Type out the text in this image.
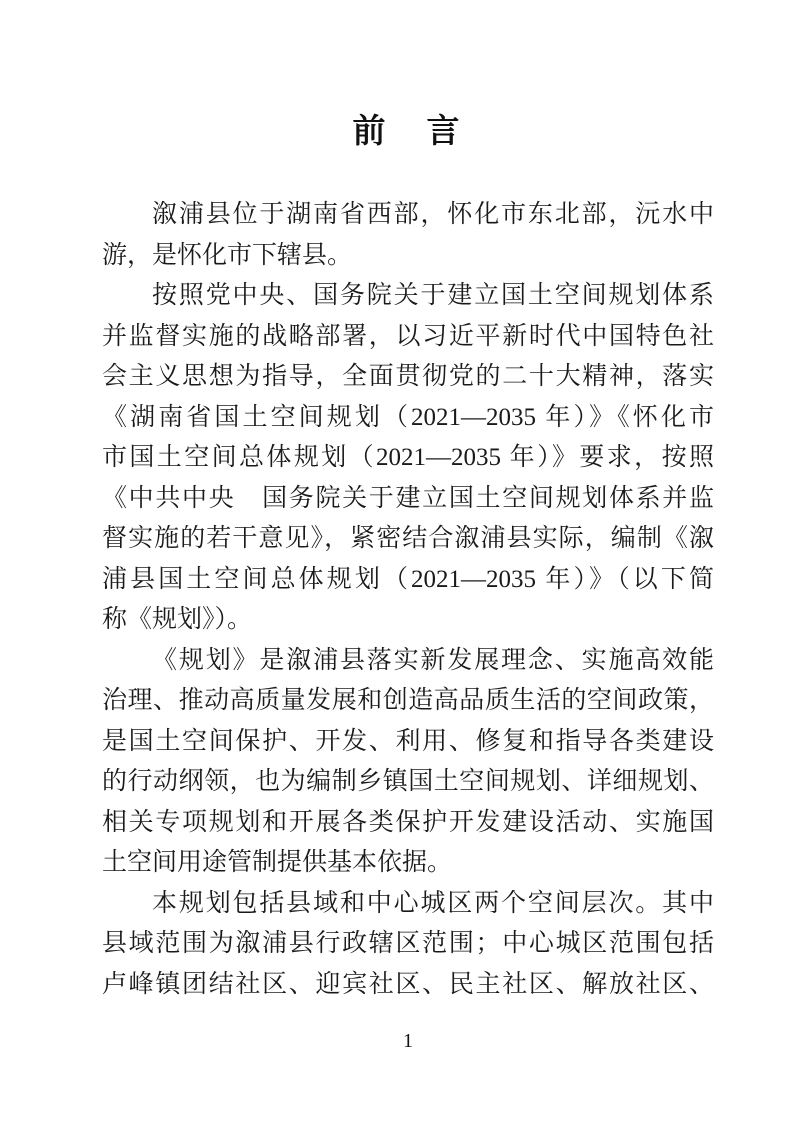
前　言
溆浦县位于湖南省西部，怀化市东北部，沅水中
游，是怀化市下辖县。
按照党中央、国务院关于建立国土空间规划体系
并监督实施的战略部署，以习近平新时代中国特色社
会主义思想为指导，全面贯彻党的二十大精神，落实
《湖南省国土空间规划（2021—2035 年）》《怀化市
市国土空间总体规划（2021—2035 年）》要求，按照
《中共中央　国务院关于建立国土空间规划体系并监
督实施的若干意见》，紧密结合溆浦县实际，编制《溆
浦县国土空间总体规划（2021—2035 年）》（以下简
称《规划》）。
《规划》是溆浦县落实新发展理念、实施高效能
治理、推动高质量发展和创造高品质生活的空间政策，
是国土空间保护、开发、利用、修复和指导各类建设
的行动纲领，也为编制乡镇国土空间规划、详细规划、
相关专项规划和开展各类保护开发建设活动、实施国
土空间用途管制提供基本依据。
本规划包括县域和中心城区两个空间层次。其中
县域范围为溆浦县行政辖区范围；中心城区范围包括
卢峰镇团结社区、迎宾社区、民主社区、解放社区、
1
